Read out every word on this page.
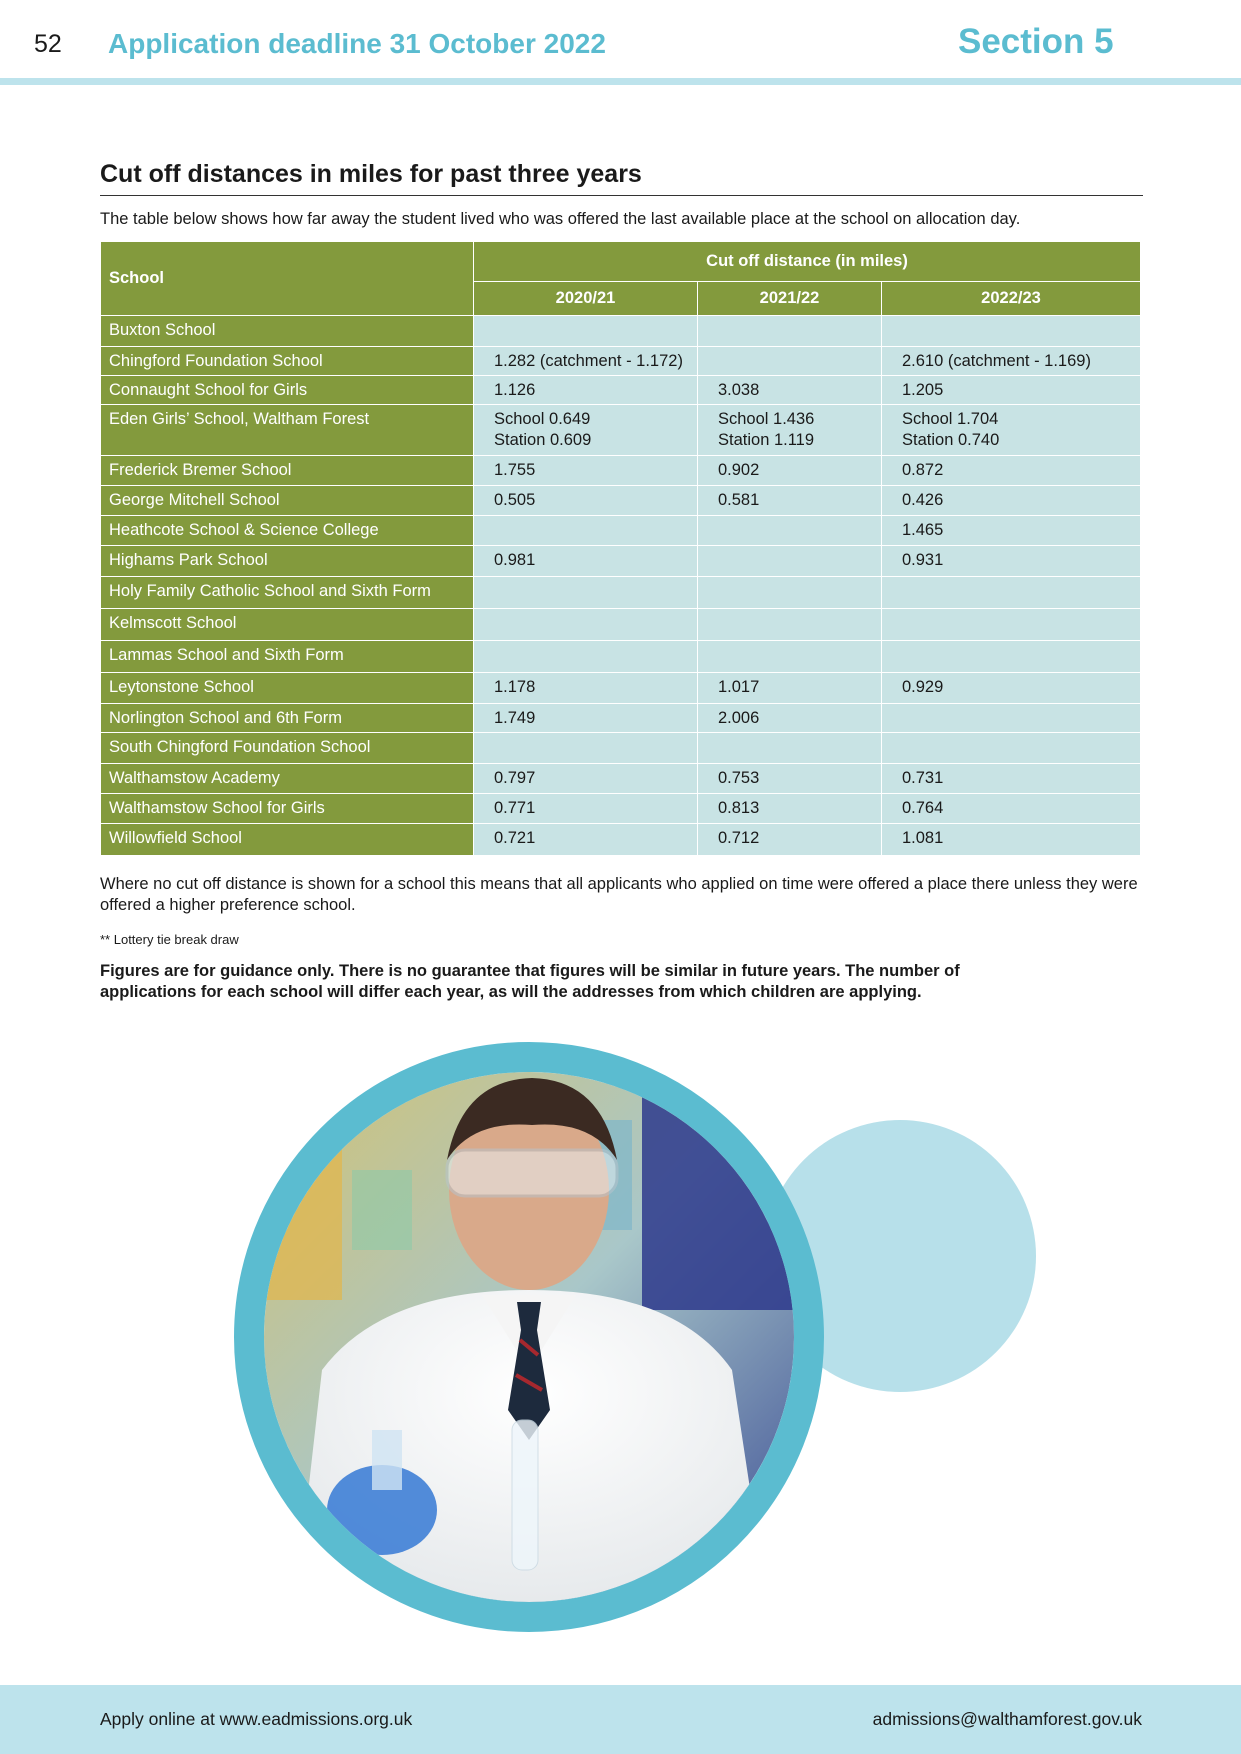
52 Application deadline 31 October 2022	Section 5
Cut off distances in miles for past three years

The table below shows how far away the student lived who was offered the last available place at the school on allocation day.

School	Cut off distance (in miles)		
	2020/21	2021/22	2022/23

Buxton School			

Chingford Foundation School	1.282 (catchment - 1.172)		2.610 (catchment - 1.169)

Connaught School for Girls	1.126	3.038	1.205

Eden Girls’ School, Waltham Forest	School 0.649
Station 0.609	School 1.436
Station 1.119	School 1.704
Station 0.740

Frederick Bremer School	1.755	0.902	0.872

George Mitchell School	0.505	0.581	0.426

Heathcote School & Science College			1.465

Highams Park School	0.981		0.931

Holy Family Catholic School and Sixth Form			

Kelmscott School			

Lammas School and Sixth Form			

Leytonstone School	1.178	1.017	0.929

Norlington School and 6th Form	1.749	2.006	

South Chingford Foundation School			

Walthamstow Academy	0.797	0.753	0.731

Walthamstow School for Girls	0.771	0.813	0.764

Willowfield School	0.721	0.712	1.081

Where no cut off distance is shown for a school this means that all applicants who applied on time were offered a place there unless they were offered a higher preference school.

** Lottery tie break draw

Figures are for guidance only. There is no guarantee that figures will be similar in future years. The number of applications for each school will differ each year, as will the addresses from which children are applying.

Apply online at www.eadmissions.org.uk	admissions@walthamforest.gov.uk
